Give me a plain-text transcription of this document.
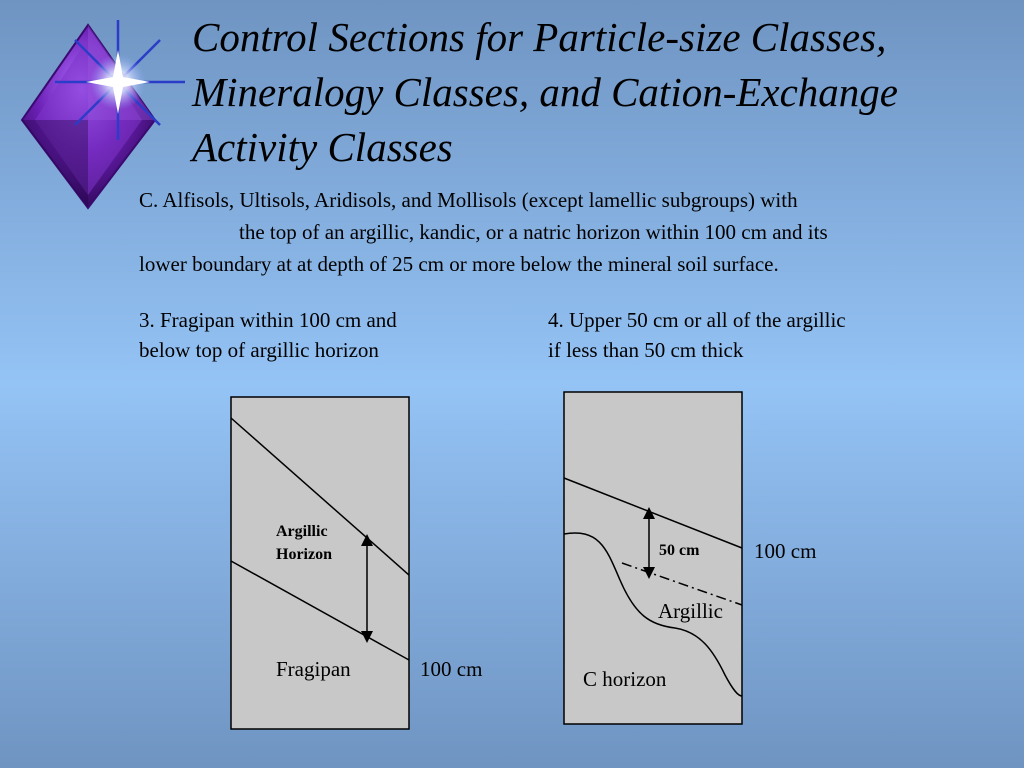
Control Sections for Particle-size Classes,
Mineralogy Classes, and Cation-Exchange
Activity Classes
C. Alfisols, Ultisols, Aridisols, and Mollisols (except lamellic subgroups) with
the top of an argillic, kandic, or a natric horizon within 100 cm and its
lower boundary at at depth of 25 cm or more below the mineral soil surface.
3. Fragipan within 100 cm and
below top of argillic horizon
4. Upper 50 cm or all of the argillic
if less than 50 cm thick
Argillic
Horizon
Fragipan	100 cm
50 cm	100 cm
Argillic
C horizon
